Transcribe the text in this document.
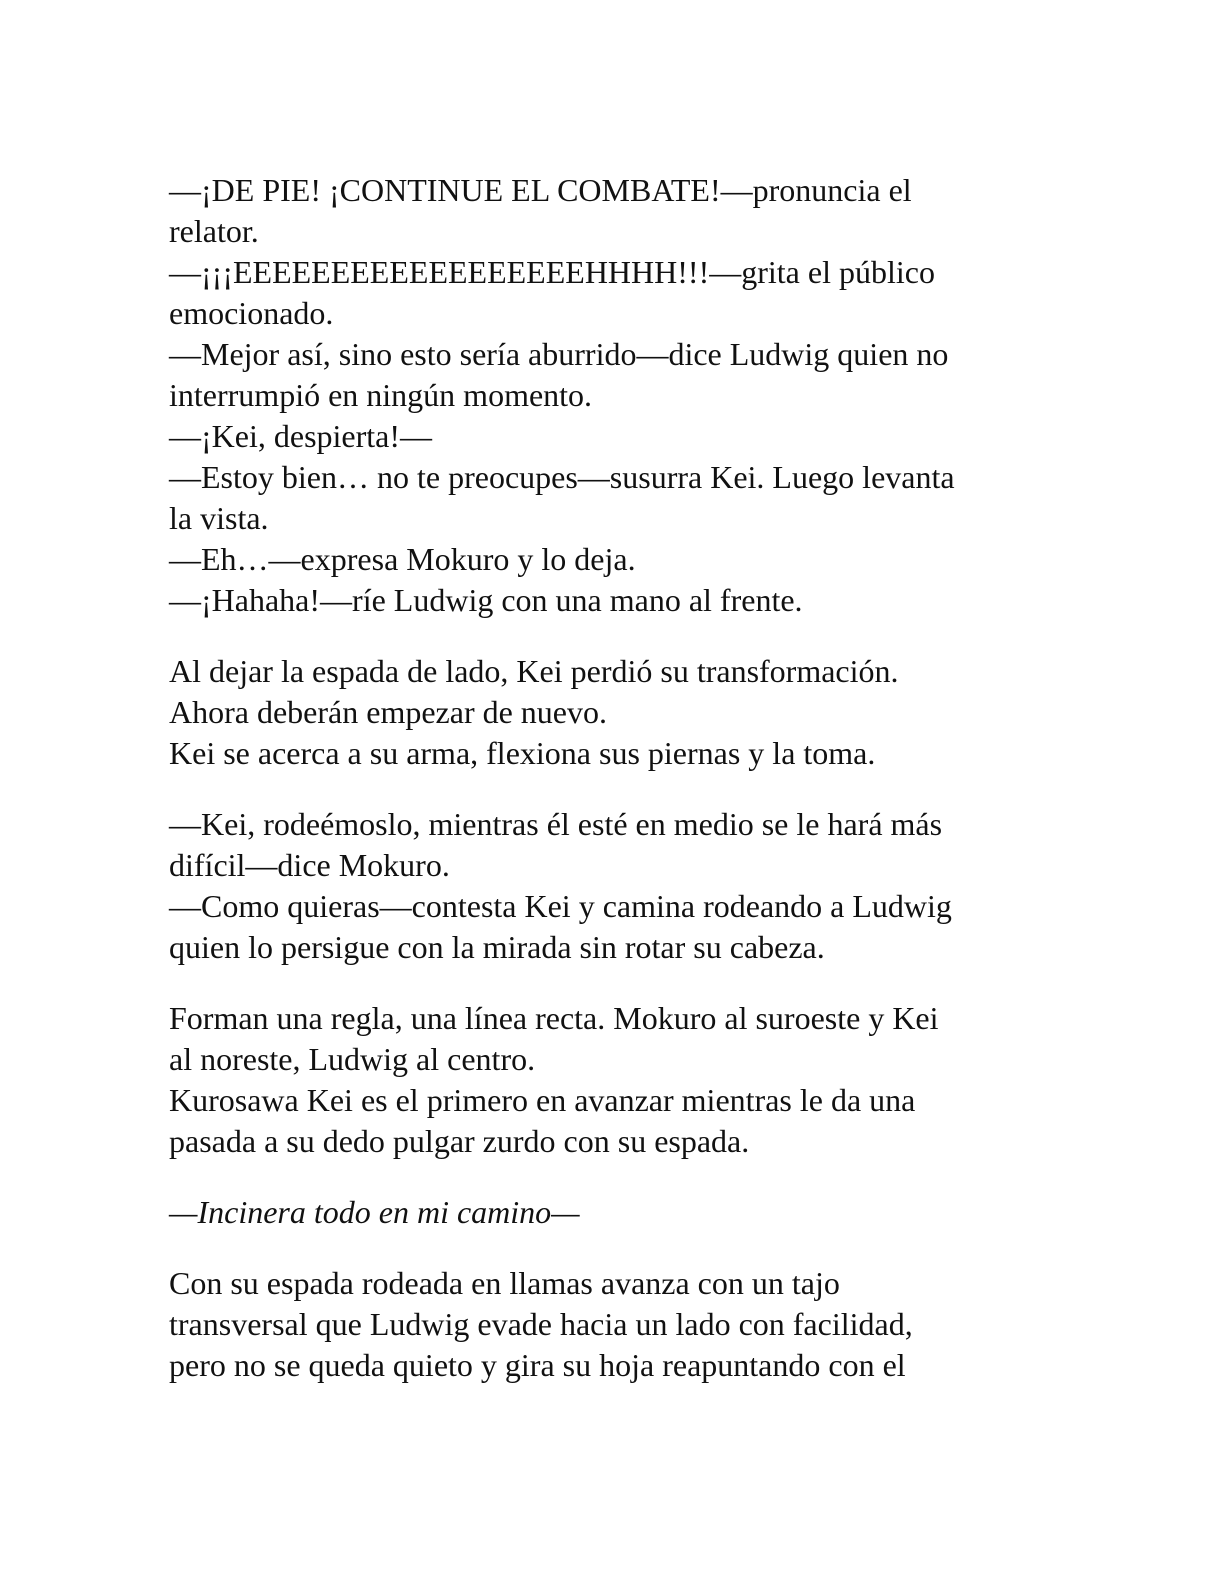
—¡DE PIE! ¡CONTINUE EL COMBATE!—pronuncia el
relator.
—¡¡¡EEEEEEEEEEEEEEEEEEHHHH!!!—grita el público
emocionado.
—Mejor así, sino esto sería aburrido—dice Ludwig quien no
interrumpió en ningún momento.
—¡Kei, despierta!—
—Estoy bien… no te preocupes—susurra Kei. Luego levanta
la vista.
—Eh…—expresa Mokuro y lo deja.
—¡Hahaha!—ríe Ludwig con una mano al frente.
Al dejar la espada de lado, Kei perdió su transformación.
Ahora deberán empezar de nuevo.
Kei se acerca a su arma, flexiona sus piernas y la toma.
—Kei, rodeémoslo, mientras él esté en medio se le hará más
difícil—dice Mokuro.
—Como quieras—contesta Kei y camina rodeando a Ludwig
quien lo persigue con la mirada sin rotar su cabeza.
Forman una regla, una línea recta. Mokuro al suroeste y Kei
al noreste, Ludwig al centro.
Kurosawa Kei es el primero en avanzar mientras le da una
pasada a su dedo pulgar zurdo con su espada.
—Incinera todo en mi camino—
Con su espada rodeada en llamas avanza con un tajo
transversal que Ludwig evade hacia un lado con facilidad,
pero no se queda quieto y gira su hoja reapuntando con el
